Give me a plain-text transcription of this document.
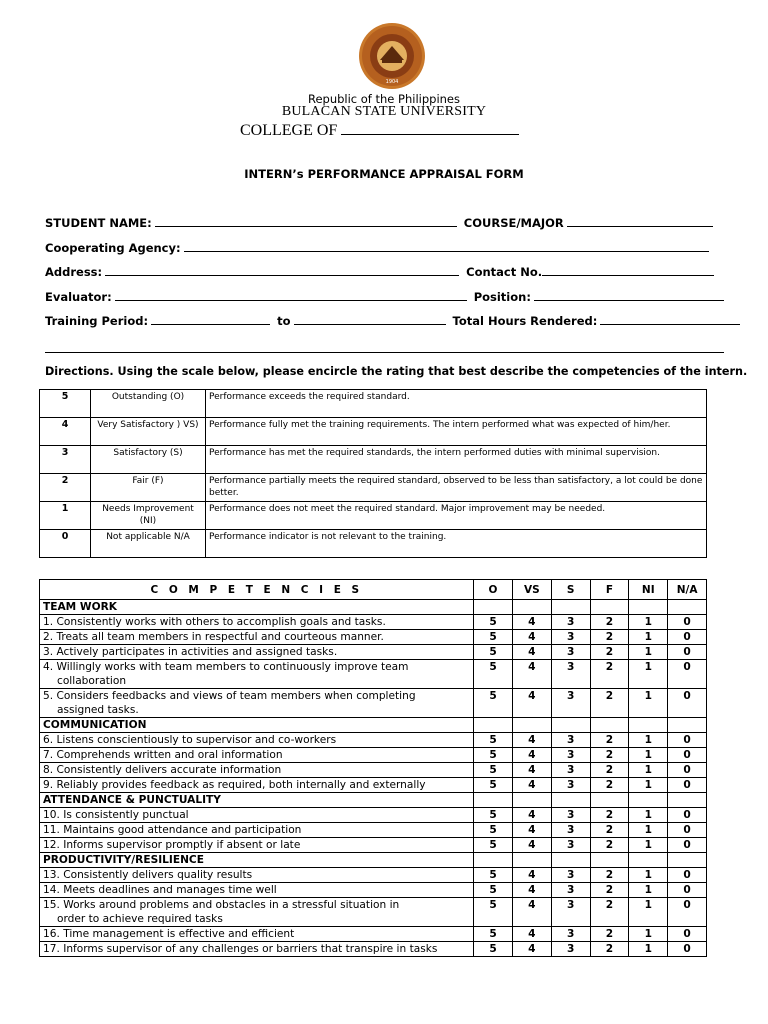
1904
Republic of the Philippines
BULACAN STATE UNIVERSITY
COLLEGE OF
INTERN’s PERFORMANCE APPRAISAL FORM
STUDENT NAME:	COURSE/MAJOR
Cooperating Agency:
Address:	Contact No.
Evaluator:	Position:
Training Period:	to	Total Hours Rendered:
Directions. Using the scale below, please encircle the rating that best describe the competencies of the intern.
5	Outstanding (O)	Performance exceeds the required standard.
4	Very Satisfactory ) VS)	Performance fully met the training requirements. The intern performed what was expected of him/her.
3	Satisfactory (S)	Performance has met the required standards, the intern performed duties with minimal supervision.
2	Fair (F)	Performance partially meets the required standard, observed to be less than satisfactory, a lot could be done better.
1	Needs Improvement (NI)	Performance does not meet the required standard. Major improvement may be needed.
0	Not applicable N/A	Performance indicator is not relevant to the training.
C O M P E T E N C I E S	O	VS	S	F	NI	N/A
TEAM WORK						
1. Consistently works with others to accomplish goals and tasks.	5	4	3	2	1	0
2. Treats all team members in respectful and courteous manner.	5	4	3	2	1	0
3. Actively participates in activities and assigned tasks.	5	4	3	2	1	0
4. Willingly works with team members to continuously improve team
collaboration	5	4	3	2	1	0
5. Considers feedbacks and views of team members when completing
assigned tasks.	5	4	3	2	1	0
COMMUNICATION						
6. Listens conscientiously to supervisor and co-workers	5	4	3	2	1	0
7. Comprehends written and oral information	5	4	3	2	1	0
8. Consistently delivers accurate information	5	4	3	2	1	0
9. Reliably provides feedback as required, both internally and externally	5	4	3	2	1	0
ATTENDANCE & PUNCTUALITY						
10. Is consistently punctual	5	4	3	2	1	0
11. Maintains good attendance and participation	5	4	3	2	1	0
12. Informs supervisor promptly if absent or late	5	4	3	2	1	0
PRODUCTIVITY/RESILIENCE						
13. Consistently delivers quality results	5	4	3	2	1	0
14. Meets deadlines and manages time well	5	4	3	2	1	0
15. Works around problems and obstacles in a stressful situation in
order to achieve required tasks	5	4	3	2	1	0
16. Time management is effective and efficient	5	4	3	2	1	0
17. Informs supervisor of any challenges or barriers that transpire in tasks	5	4	3	2	1	0
